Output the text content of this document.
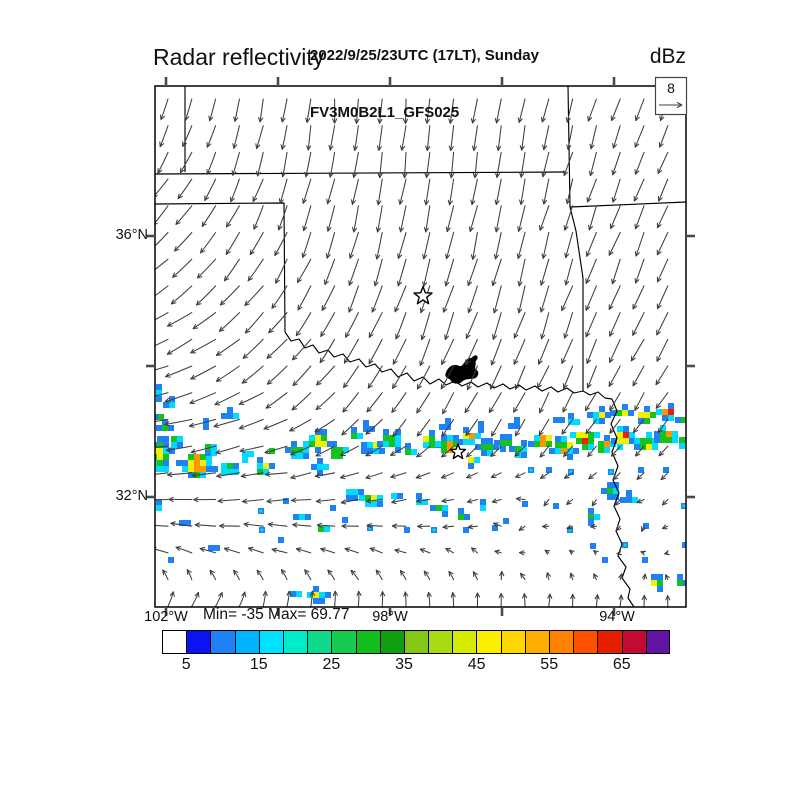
8

2022/9/25/23UTC (17LT), Sunday

FV3M0B2L1_GFS025

Radar reflectivity	dBz
Min= -35 Max= 69.77
102°W	98°W	94°W
36°N
32°N
5	15	25	35	45	55	65
